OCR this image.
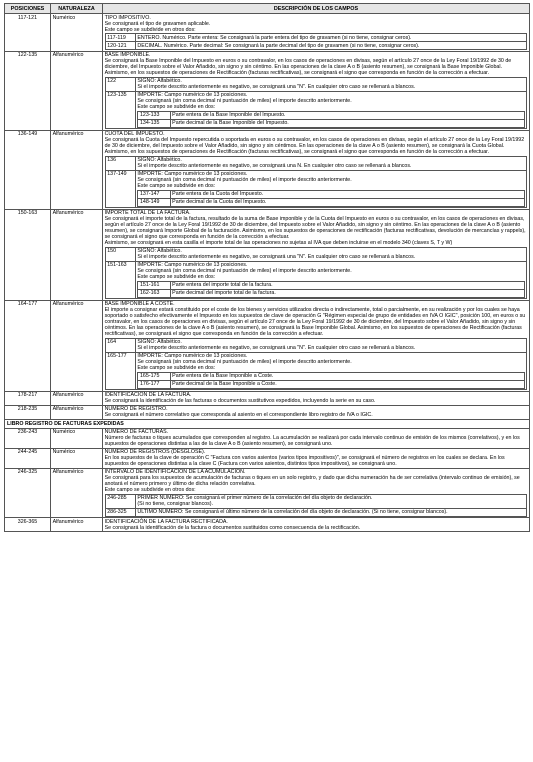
POSICIONES	NATURALEZA	DESCRIPCIÓN DE LOS CAMPOS
117-121	Numérico	TIPO IMPOSITIVO.
Se consignará el tipo de gravamen aplicable.
Este campo se subdivide en otros dos:
117-119	ENTERO. Numérico. Parte entera: Se consignará la parte entera del tipo de gravamen (si no tiene, consignar ceros).

120-121	DECIMAL. Numérico. Parte decimal: Se consignará la parte decimal del tipo de gravamen (si no tiene, consignar ceros).

122-135	Alfanumérico	BASE IMPONIBLE.
Se consignará la Base Imponible del Impuesto en euros o su contravalor, en los casos de operaciones en divisas, según el artículo 27 once de la Ley Foral 19/1992 de 30 de diciembre, del Impuesto sobre el Valor Añadido, sin signo y sin céntimo. En las operaciones de la clave A o B (asiento resumen), se consignará la Base Imponible Global. Asimismo, en los supuestos de operaciones de Rectificación (facturas rectificativas), se consignará el signo que corresponda en función de la corrección a efectuar.
122	SIGNO: Alfabético.
Si el importe descrito anteriormente es negativo, se consignará una "N". En cualquier otro caso se rellenará a blancos.

123-135	IMPORTE: Campo numérico de 13 posiciones.
Se consignará (sin coma decimal ni puntuación de miles) el importe descrito anteriormente.
Este campo se subdivide en dos:
123-133	Parte entera de la Base Imponible del Impuesto.
134-135	Parte decimal de la Base Imponible del Impuesto.

136-149	Alfanumérico	CUOTA DEL IMPUESTO.
Se consignará la Cuota del Impuesto repercutida o soportada en euros o su contravalor, en los casos de operaciones en divisas, según el artículo 27 once de la Ley Foral 19/1992 de 30 de diciembre, del Impuesto sobre el Valor Añadido, sin signo y sin céntimos. En las operaciones de la clave A o B (asiento resumen), se consignará la Cuota Global. Asimismo, en los supuestos de operaciones de Rectificación (facturas rectificativas), se consignará el signo que corresponda en función de la corrección a efectuar.
136	SIGNO: Alfabético.
Si el importe descrito anteriormente es negativo, se consignará una N. En cualquier otro caso se rellenará a blancos.

137-149	IMPORTE: Campo numérico de 13 posiciones.
Se consignará (sin coma decimal ni puntuación de miles) el importe descrito anteriormente.
Este campo se subdivide en dos:
137-147	Parte entera de la Cuota del Impuesto.
148-149	Parte decimal de la Cuota del Impuesto.

150-163	Alfanumérico	IMPORTE TOTAL DE LA FACTURA.
Se consignará el importe total de la factura, resultado de la suma de Base imponible y de la Cuota del Impuesto en euros o su contravalor, en los casos de operaciones en divisas, según el artículo 27 once de la Ley Foral 19/1992 de 30 de diciembre, del Impuesto sobre el Valor Añadido, sin signo y sin céntimo. En las operaciones de la clave A o B (asiento resumen), se consignará Importe Global de la facturación. Asimismo, en los supuestos de operaciones de rectificación (facturas rectificativas, devolución de mercancías y rappels), se consignará el signo que corresponda en función de la corrección a efectuar.
Asimismo, se consignará en esta casilla el importe total de las operaciones no sujetas al IVA que deben incluirse en el modelo 340 (claves S, T y W)
150	SIGNO: Alfabético.
Si el importe descrito anteriormente es negativo, se consignará una "N". En cualquier otro caso se rellenará a blancos.

151-163	IMPORTE: Campo numérico de 13 posiciones.
Se consignará (sin coma decimal ni puntuación de miles) el importe descrito anteriormente.
Este campo se subdivide en dos:
151-161	Parte entera del importe total de la factura.
162-163	Parte decimal del importe total de la factura.

164-177	Alfanumérico	BASE IMPONIBLE A COSTE.
El importe a consignar estará constituido por el coste de los bienes y servicios utilizados directa o indirectamente, total o parcialmente, en su realización y por los cuales se haya soportado o satisfecho efectivamente el Impuesto en los supuestos de clave de operación G "Régimen especial de grupo de entidades en IVA O IGIC", posición 100, en euros o su contravalor, en los casos de operaciones en divisas, según el artículo 27 once de la Ley Foral 19/1992 de 30 de diciembre, del Impuesto sobre el Valor Añadido, sin signo y sin céntimos. En las operaciones de la clave A o B (asiento resumen), se consignará la Base Imponible Global. Asimismo, en los supuestos de operaciones de Rectificación (facturas rectificativas), se consignará el signo que corresponda en función de la corrección a efectuar.
164	SIGNO: Alfabético.
Si el importe descrito anteriormente es negativo, se consignará una "N". En cualquier otro caso se rellenará a blancos.

165-177	IMPORTE: Campo numérico de 13 posiciones.
Se consignará (sin coma decimal ni puntuación de miles) el importe descrito anteriormente.
Este campo se subdivide en dos:
165-175	Parte entera de la Base Imponible a Coste.
176-177	Parte decimal de la Base Imponible a Coste.

178-217	Alfanumérico	IDENTIFICACIÓN DE LA FACTURA.
Se consignará la identificación de las facturas o documentos sustitutivos expedidos, incluyendo la serie en su caso.

218-235	Alfanumérico	NÚMERO DE REGISTRO.
Se consignará el número correlativo que corresponda al asiento en el correspondiente libro registro de IVA o IGIC.

LIBRO REGISTRO DE FACTURAS EXPEDIDAS
236-243	Numérico	NÚMERO DE FACTURAS.
Número de facturas o tiques acumulados que corresponden al registro. La acumulación se realizará por cada intervalo continuo de emisión de los mismos (correlativos), y en los supuestos de operaciones distintas a las de la clave A o B (asiento resumen), se consignará uno.

244-245	Numérico	NÚMERO DE REGISTROS (DESGLOSE).
En los supuestos de la clave de operación C "Factura con varios asientos (varios tipos impositivos)", se consignará el número de registros en los cuales se declara. En los supuestos de operaciones distintas a la clave C (Factura con varios asientos, distintos tipos impositivos), se consignará uno.

246-325	Alfanumérico	INTERVALO DE IDENTIFICACIÓN DE LA ACUMULACIÓN.
Se consignará para los supuestos de acumulación de facturas o tiques en un solo registro, y dado que dicha numeración ha de ser correlativa (intervalo continuo de emisión), se anotará el número primero y último de dicha relación correlativa.
Este campo se subdivide en otros dos:
246-285	PRIMER NÚMERO: Se consignará el primer número de la correlación del día objeto de declaración.
(Si no tiene, consignar blancos).

286-325	ÚLTIMO NÚMERO: Se consignará el último número de la correlación del día objeto de declaración. (Si no tiene, consignar blancos).

326-365	Alfanumérico	IDENTIFICACIÓN DE LA FACTURA RECTIFICADA.
Se consignará la identificación de la factura o documentos sustituidos como consecuencia de la rectificación.
